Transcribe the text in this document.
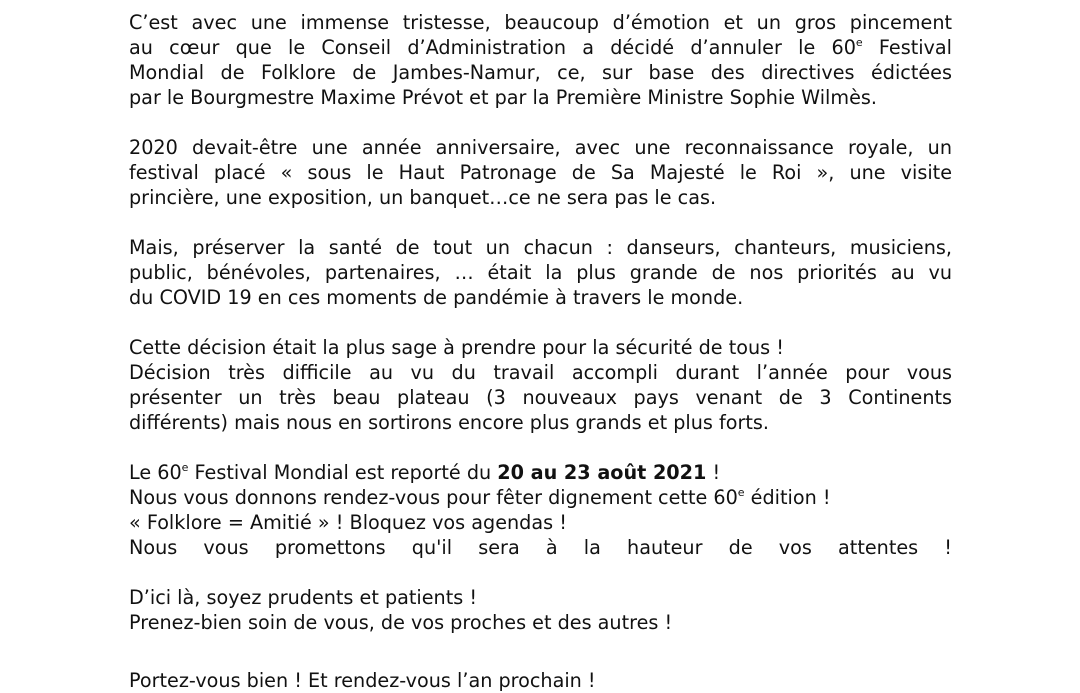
C’est avec une immense tristesse, beaucoup d’émotion et un gros pincement
au cœur que le Conseil d’Administration a décidé d’annuler le 60e Festival
Mondial de Folklore de Jambes-Namur, ce, sur base des directives édictées
par le Bourgmestre Maxime Prévot et par la Première Ministre Sophie Wilmès.
2020 devait-être une année anniversaire, avec une reconnaissance royale, un
festival placé « sous le Haut Patronage de Sa Majesté le Roi », une visite
princière, une exposition, un banquet…ce ne sera pas le cas.
Mais, préserver la santé de tout un chacun : danseurs, chanteurs, musiciens,
public, bénévoles, partenaires, … était la plus grande de nos priorités au vu
du COVID 19 en ces moments de pandémie à travers le monde.
Cette décision était la plus sage à prendre pour la sécurité de tous !
Décision très difficile au vu du travail accompli durant l’année pour vous
présenter un très beau plateau (3 nouveaux pays venant de 3 Continents
différents) mais nous en sortirons encore plus grands et plus forts.
Le 60e Festival Mondial est reporté du 20 au 23 août 2021 !
Nous vous donnons rendez-vous pour fêter dignement cette 60e édition !
« Folklore = Amitié » ! Bloquez vos agendas !
Nous vous promettons qu'il sera à la hauteur de vos attentes !
D’ici là, soyez prudents et patients !
Prenez-bien soin de vous, de vos proches et des autres !
Portez-vous bien ! Et rendez-vous l’an prochain !
